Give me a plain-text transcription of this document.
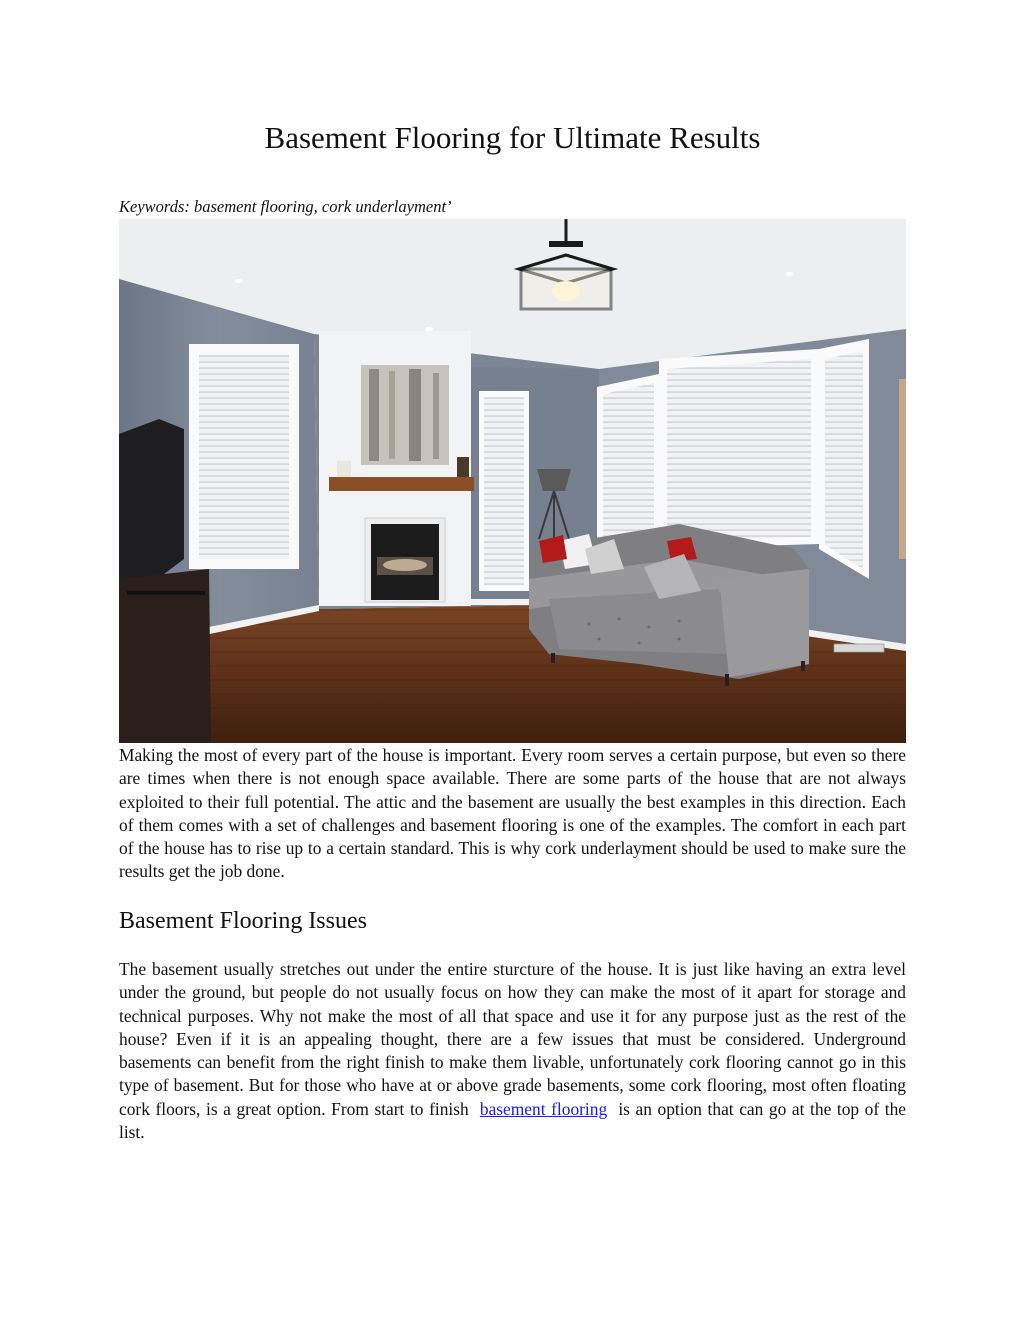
Basement Flooring for Ultimate Results
Keywords: basement flooring, cork underlayment’

Making the most of every part of the house is important. Every room serves a certain purpose, but even so there are times when there is not enough space available. There are some parts of the house that are not always exploited to their full potential. The attic and the basement are usually the best examples in this direction. Each of them comes with a set of challenges and basement flooring is one of the examples. The comfort in each part of the house has to rise up to a certain standard. This is why cork underlayment should be used to make sure the results get the job done.

Basement Flooring Issues

The basement usually stretches out under the entire sturcture of the house. It is just like having an extra level under the ground, but people do not usually focus on how they can make the most of it apart for storage and technical purposes. Why not make the most of all that space and use it for any purpose just as the rest of the house? Even if it is an appealing thought, there are a few issues that must be considered. Underground basements can benefit from the right finish to make them livable, unfortunately cork flooring cannot go in this type of basement. But for those who have at or above grade basements, some cork flooring, most often floating cork floors, is a great option. From start to finish  basement flooring  is an option that can go at the top of the list.
